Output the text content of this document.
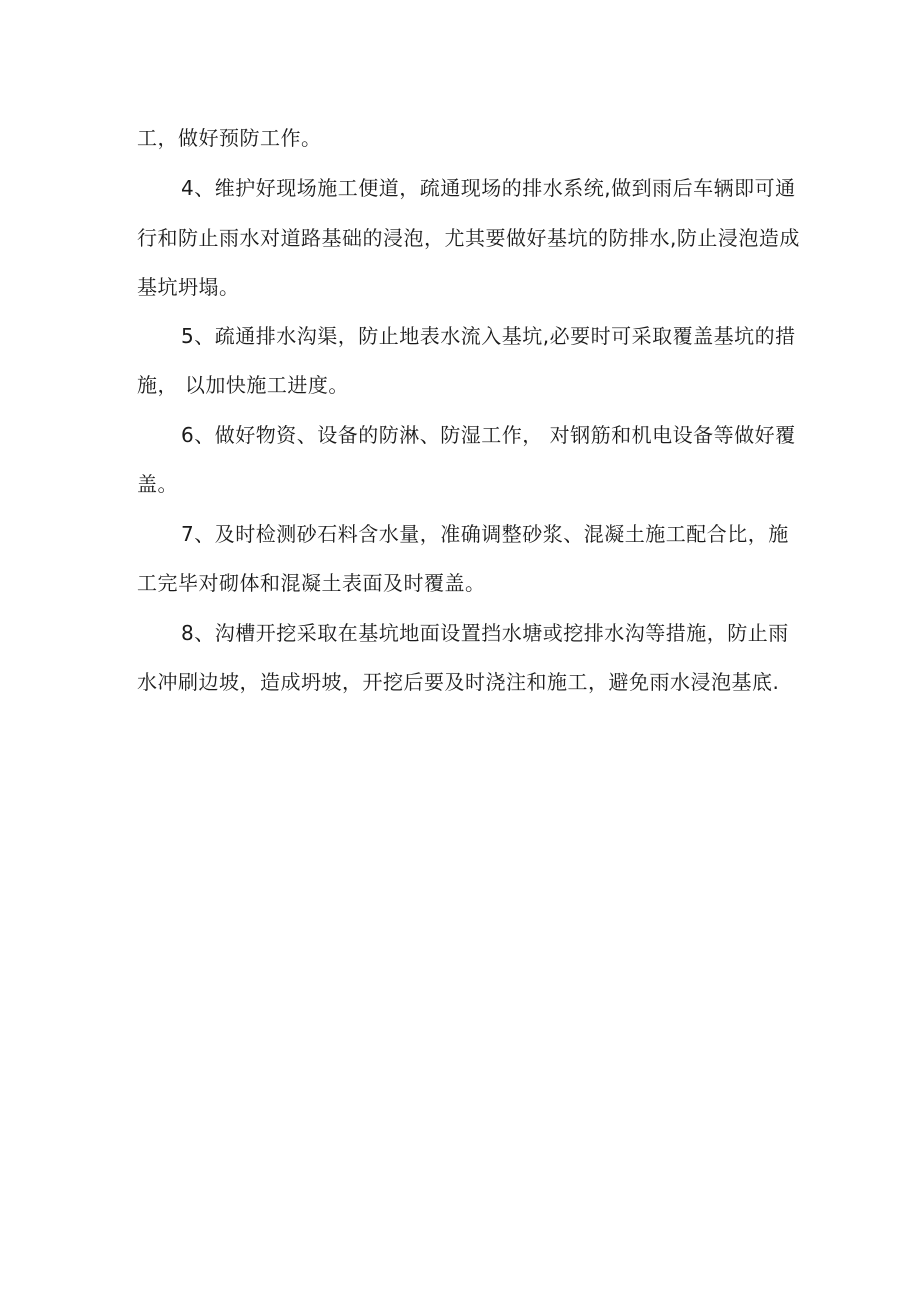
工，做好预防工作。
4、维护好现场施工便道，疏通现场的排水系统,做到雨后车辆即可通
行和防止雨水对道路基础的浸泡，尤其要做好基坑的防排水,防止浸泡造成
基坑坍塌。
5、疏通排水沟渠，防止地表水流入基坑,必要时可采取覆盖基坑的措
施， 以加快施工进度。
6、做好物资、设备的防淋、防湿工作， 对钢筋和机电设备等做好覆
盖。
7、及时检测砂石料含水量，准确调整砂浆、混凝土施工配合比，施
工完毕对砌体和混凝土表面及时覆盖。
8、沟槽开挖采取在基坑地面设置挡水塘或挖排水沟等措施，防止雨
水冲刷边坡，造成坍坡，开挖后要及时浇注和施工，避免雨水浸泡基底.
